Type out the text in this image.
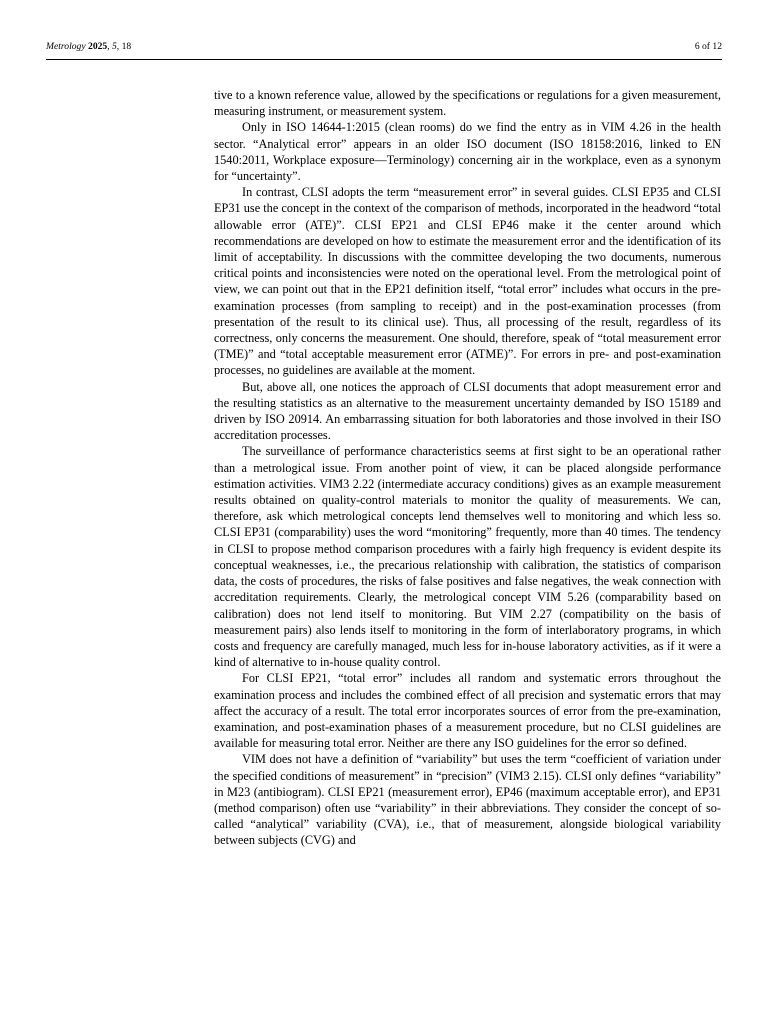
Metrology 2025, 5, 18	6 of 12

tive to a known reference value, allowed by the specifications or regulations for a given measurement, measuring instrument, or measurement system.

Only in ISO 14644-1:2015 (clean rooms) do we find the entry as in VIM 4.26 in the health sector. “Analytical error” appears in an older ISO document (ISO 18158:2016, linked to EN 1540:2011, Workplace exposure—Terminology) concerning air in the workplace, even as a synonym for “uncertainty”.

In contrast, CLSI adopts the term “measurement error” in several guides. CLSI EP35 and CLSI EP31 use the concept in the context of the comparison of methods, incorporated in the headword “total allowable error (ATE)”. CLSI EP21 and CLSI EP46 make it the center around which recommendations are developed on how to estimate the measurement error and the identification of its limit of acceptability. In discussions with the committee developing the two documents, numerous critical points and inconsistencies were noted on the operational level. From the metrological point of view, we can point out that in the EP21 definition itself, “total error” includes what occurs in the pre-examination processes (from sampling to receipt) and in the post-examination processes (from presentation of the result to its clinical use). Thus, all processing of the result, regardless of its correctness, only concerns the measurement. One should, therefore, speak of “total measurement error (TME)” and “total acceptable measurement error (ATME)”. For errors in pre- and post-examination processes, no guidelines are available at the moment.

But, above all, one notices the approach of CLSI documents that adopt measurement error and the resulting statistics as an alternative to the measurement uncertainty demanded by ISO 15189 and driven by ISO 20914. An embarrassing situation for both laboratories and those involved in their ISO accreditation processes.

The surveillance of performance characteristics seems at first sight to be an operational rather than a metrological issue. From another point of view, it can be placed alongside performance estimation activities. VIM3 2.22 (intermediate accuracy conditions) gives as an example measurement results obtained on quality-control materials to monitor the quality of measurements. We can, therefore, ask which metrological concepts lend themselves well to monitoring and which less so. CLSI EP31 (comparability) uses the word “monitoring” frequently, more than 40 times. The tendency in CLSI to propose method comparison procedures with a fairly high frequency is evident despite its conceptual weaknesses, i.e., the precarious relationship with calibration, the statistics of comparison data, the costs of procedures, the risks of false positives and false negatives, the weak connection with accreditation requirements. Clearly, the metrological concept VIM 5.26 (comparability based on calibration) does not lend itself to monitoring. But VIM 2.27 (compatibility on the basis of measurement pairs) also lends itself to monitoring in the form of interlaboratory programs, in which costs and frequency are carefully managed, much less for in-house laboratory activities, as if it were a kind of alternative to in-house quality control.

For CLSI EP21, “total error” includes all random and systematic errors throughout the examination process and includes the combined effect of all precision and systematic errors that may affect the accuracy of a result. The total error incorporates sources of error from the pre-examination, examination, and post-examination phases of a measurement procedure, but no CLSI guidelines are available for measuring total error. Neither are there any ISO guidelines for the error so defined.

VIM does not have a definition of “variability” but uses the term “coefficient of variation under the specified conditions of measurement” in “precision” (VIM3 2.15). CLSI only defines “variability” in M23 (antibiogram). CLSI EP21 (measurement error), EP46 (maximum acceptable error), and EP31 (method comparison) often use “variability” in their abbreviations. They consider the concept of so-called “analytical” variability (CVA), i.e., that of measurement, alongside biological variability between subjects (CVG) and
